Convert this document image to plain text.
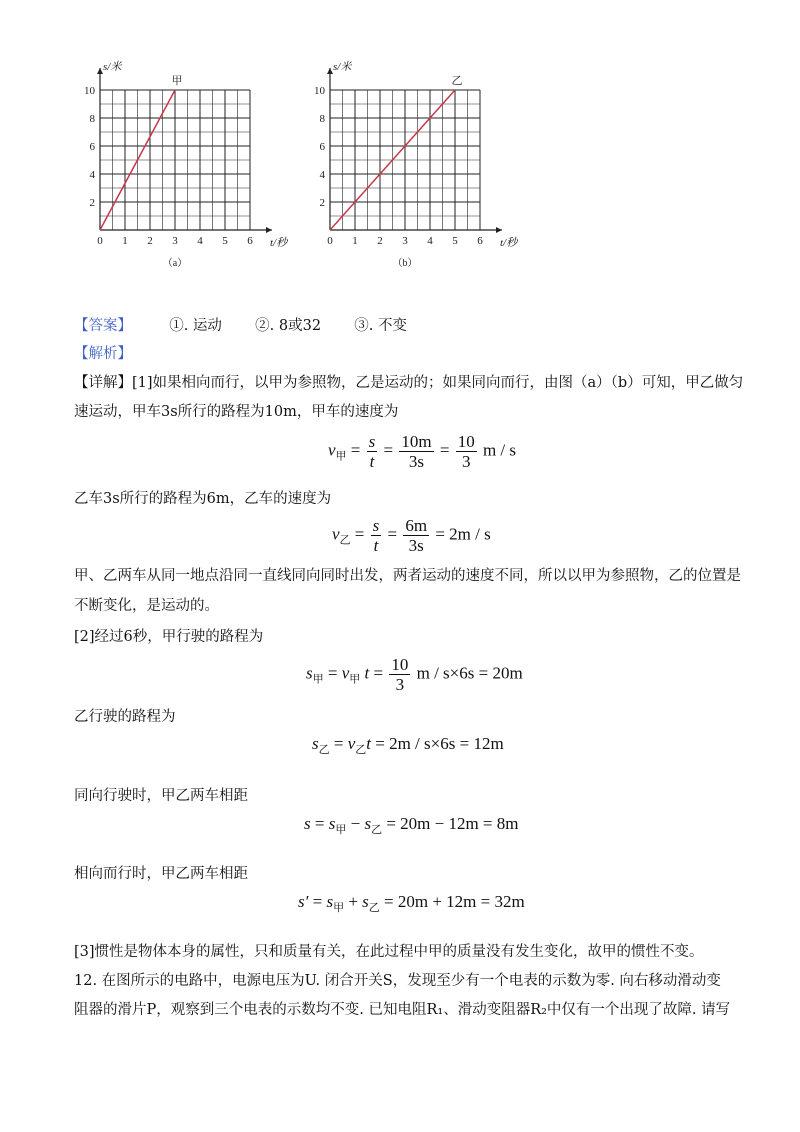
0 1 2 3 4 5 6
2
4
6
8
10
s/米
t/秒
甲
（a）
0 1 2 3 4 5 6
2
4
6
8
10
s/米
t/秒
乙
（b）
【答案】	①. 运动 ②. 8或32 ③. 不变
【解析】
【详解】[1]如果相向而行，以甲为参照物，乙是运动的；如果同向而行，由图（a）（b）可知，甲乙做匀
速运动，甲车3s所行的路程为10m，甲车的速度为
$v_甲 = \frac{s}{t} = \frac{10m}{3s} = \frac{10}{3}$ m / s
乙车3s所行的路程为6m，乙车的速度为
$v_乙 = \frac{s}{t} = \frac{6m}{3s} = 2m / s$
甲、乙两车从同一地点沿同一直线同向同时出发，两者运动的速度不同，所以以甲为参照物，乙的位置是
不断变化，是运动的。
[2]经过6秒，甲行驶的路程为
$s_甲 = v_甲$ $t = \frac{10}{3}$ m / s×6s = 20m
乙行驶的路程为
$s_乙 = v_乙t = 2m / s\times 6s = 12m$
同向行驶时，甲乙两车相距
$s = s_甲 - s_乙 = 20m - 12m = 8m$
相向而行时，甲乙两车相距
$s' = s_甲 + s_乙 = 20m + 12m = 32m$
[3]惯性是物体本身的属性，只和质量有关，在此过程中甲的质量没有发生变化，故甲的惯性不变。
12. 在图所示的电路中，电源电压为U. 闭合开关S，发现至少有一个电表的示数为零. 向右移动滑动变
阻器的滑片P，观察到三个电表的示数均不变. 已知电阻R₁、滑动变阻器R₂中仅有一个出现了故障. 请写
